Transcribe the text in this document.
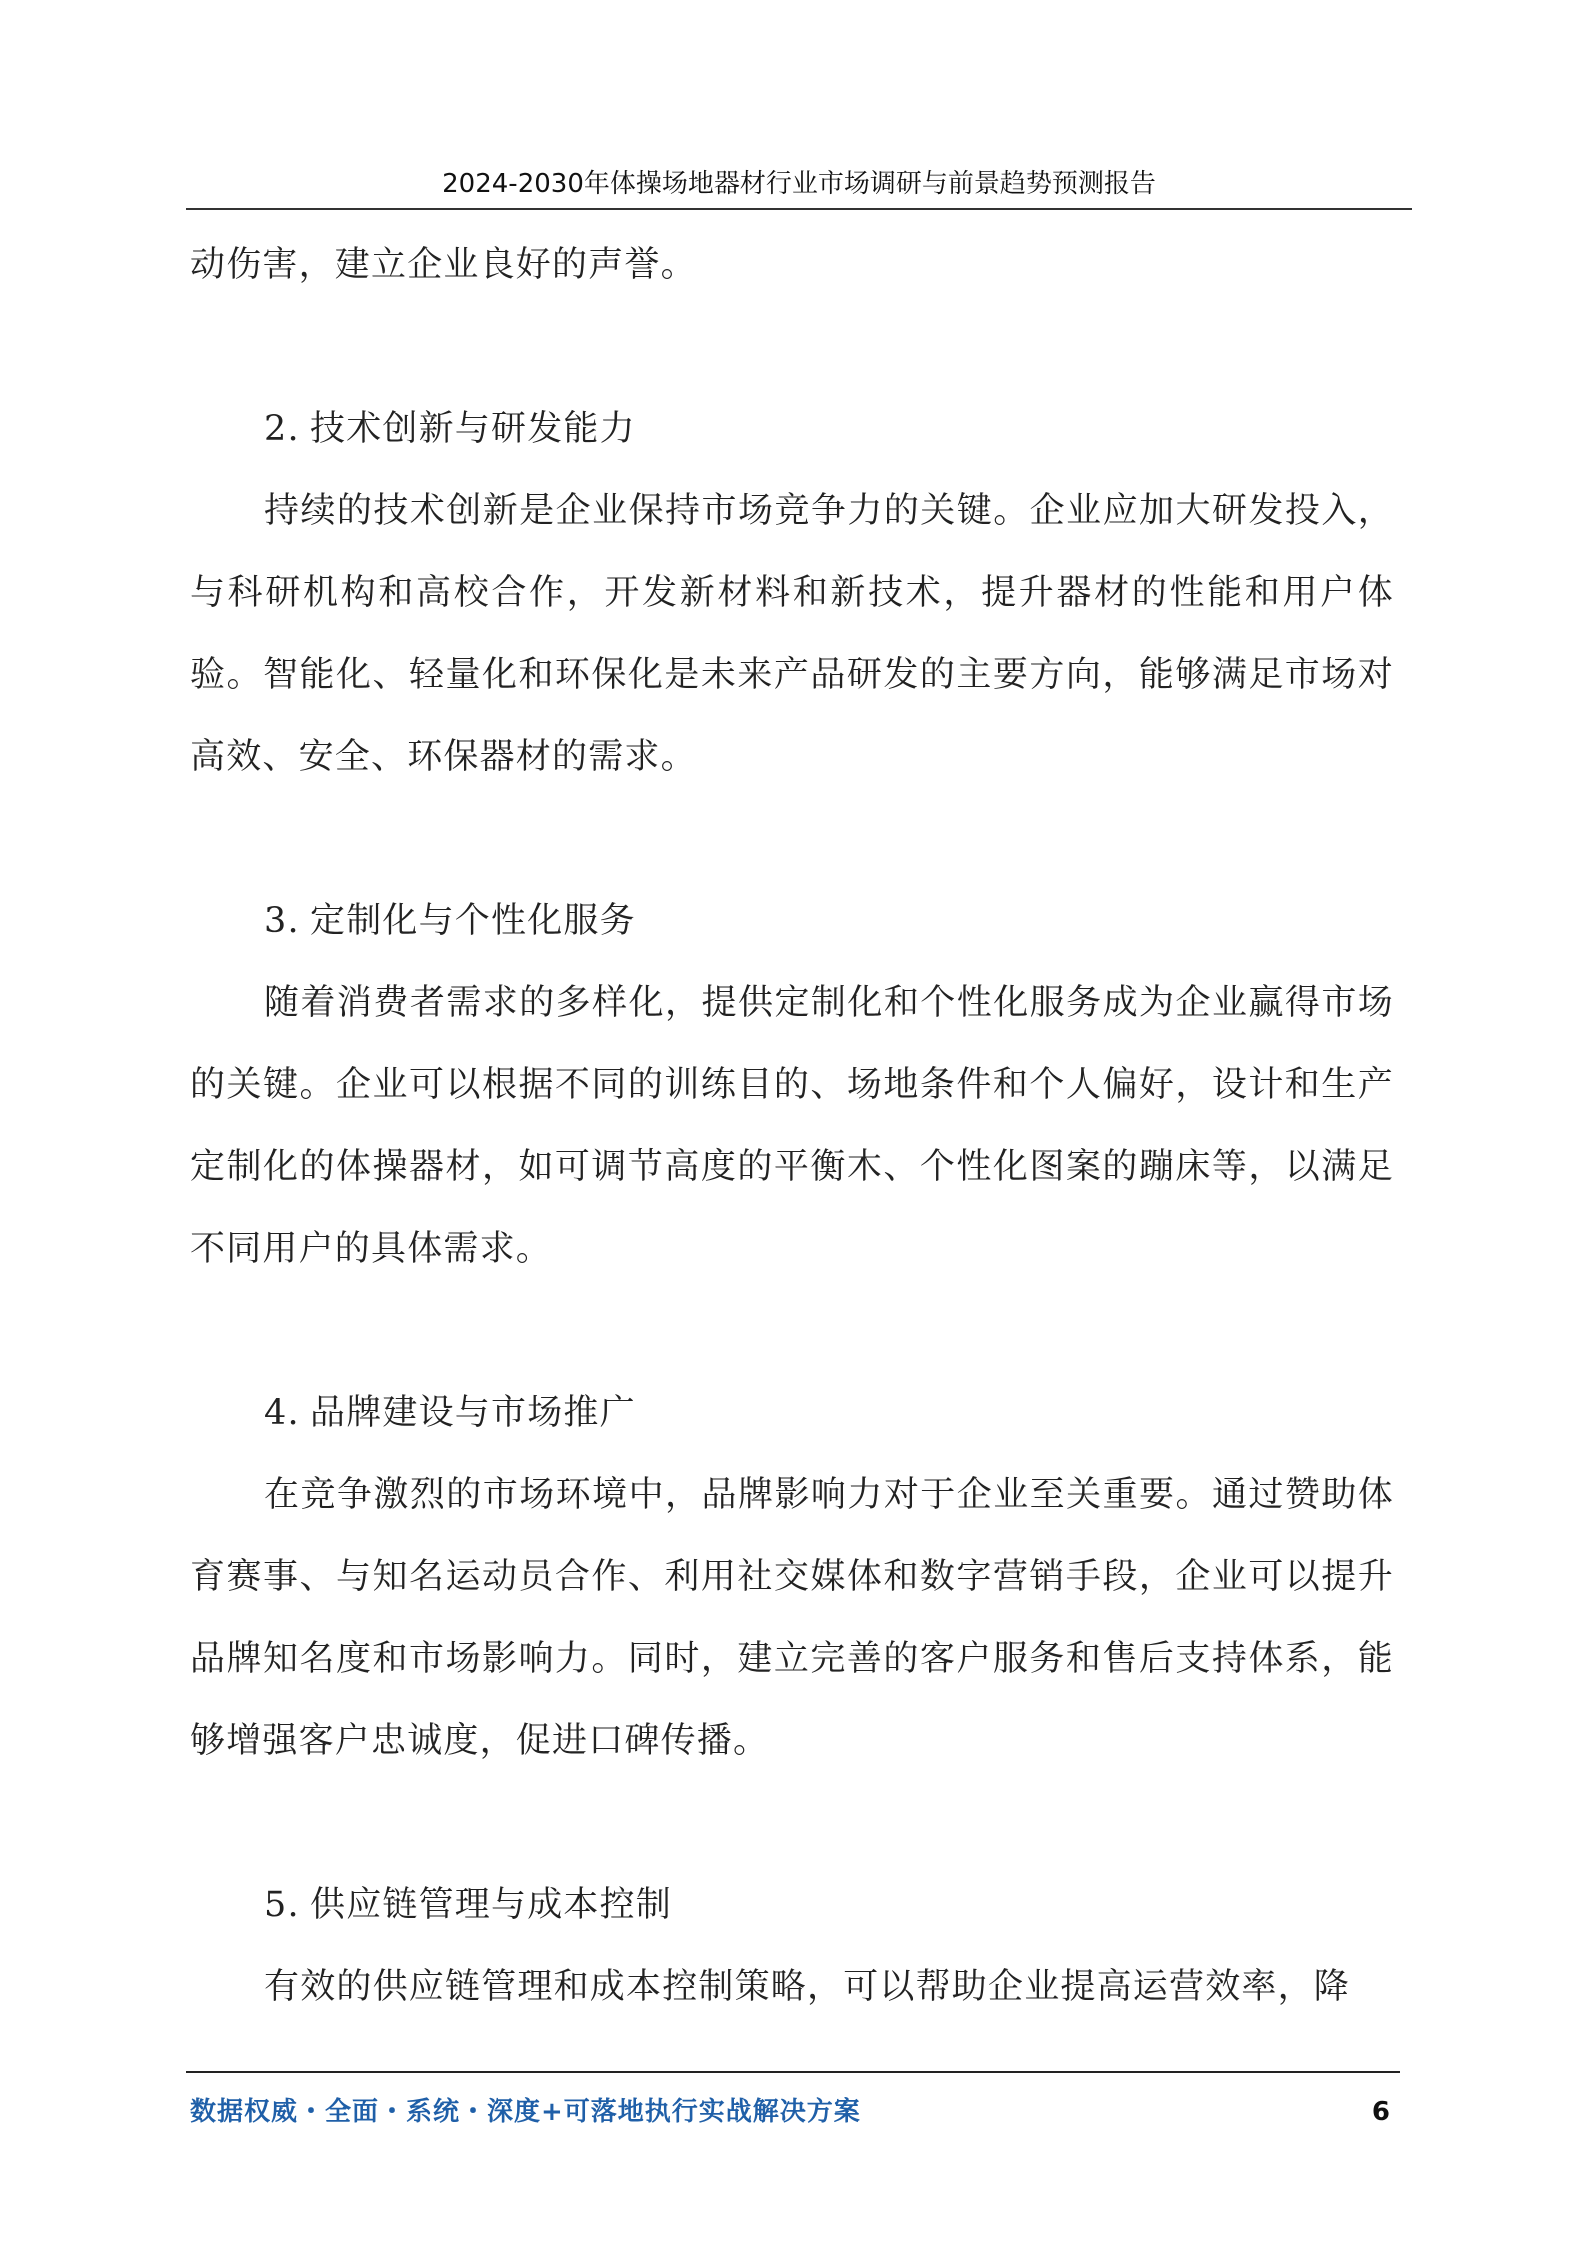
2024-2030年体操场地器材行业市场调研与前景趋势预测报告

动伤害，建立企业良好的声誉。

2. 技术创新与研发能力

持续的技术创新是企业保持市场竞争力的关键。企业应加大研发投入，与科研机构和高校合作，开发新材料和新技术，提升器材的性能和用户体验。智能化、轻量化和环保化是未来产品研发的主要方向，能够满足市场对高效、安全、环保器材的需求。

3. 定制化与个性化服务

随着消费者需求的多样化，提供定制化和个性化服务成为企业赢得市场的关键。企业可以根据不同的训练目的、场地条件和个人偏好，设计和生产定制化的体操器材，如可调节高度的平衡木、个性化图案的蹦床等，以满足不同用户的具体需求。

4. 品牌建设与市场推广

在竞争激烈的市场环境中，品牌影响力对于企业至关重要。通过赞助体育赛事、与知名运动员合作、利用社交媒体和数字营销手段，企业可以提升品牌知名度和市场影响力。同时，建立完善的客户服务和售后支持体系，能够增强客户忠诚度，促进口碑传播。

5. 供应链管理与成本控制

有效的供应链管理和成本控制策略，可以帮助企业提高运营效率，降

数据权威・全面・系统・深度+可落地执行实战解决方案	6
